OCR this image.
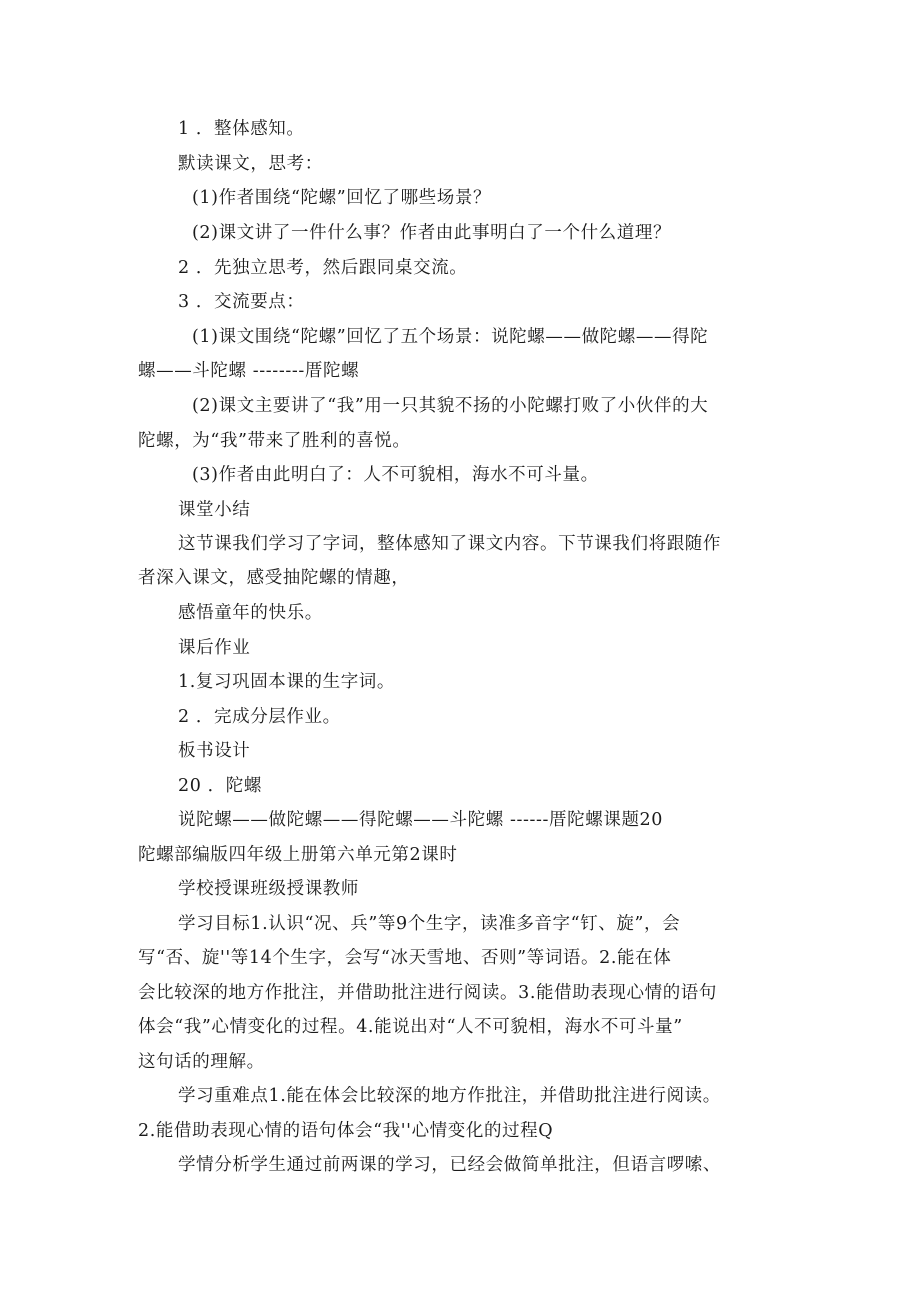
1 ．整体感知。
默读课文，思考：
(1)作者围绕“陀螺”回忆了哪些场景？
(2)课文讲了一件什么事？作者由此事明白了一个什么道理？
2 ．先独立思考，然后跟同桌交流。
3 ．交流要点：
(1)课文围绕“陀螺”回忆了五个场景：说陀螺——做陀螺——得陀
螺——斗陀螺 --------厝陀螺
(2)课文主要讲了“我”用一只其貌不扬的小陀螺打败了小伙伴的大
陀螺，为“我”带来了胜利的喜悦。
(3)作者由此明白了：人不可貌相，海水不可斗量。
课堂小结
这节课我们学习了字词，整体感知了课文内容。下节课我们将跟随作
者深入课文，感受抽陀螺的情趣，
感悟童年的快乐。
课后作业
1.复习巩固本课的生字词。
2 ．完成分层作业。
板书设计
20 ．陀螺
说陀螺——做陀螺——得陀螺——斗陀螺 ------厝陀螺课题20
陀螺部编版四年级上册第六单元第2课时
学校授课班级授课教师
学习目标1.认识“况、兵”等9个生字，读准多音字“钉、旋”，会
写“否、旋''等14个生字，会写“冰天雪地、否则”等词语。2.能在体
会比较深的地方作批注，并借助批注进行阅读。3.能借助表现心情的语句
体会“我”心情变化的过程。4.能说出对“人不可貌相，海水不可斗量”
这句话的理解。
学习重难点1.能在体会比较深的地方作批注，并借助批注进行阅读。
2.能借助表现心情的语句体会“我''心情变化的过程Q
学情分析学生通过前两课的学习，已经会做简单批注，但语言啰嗦、
